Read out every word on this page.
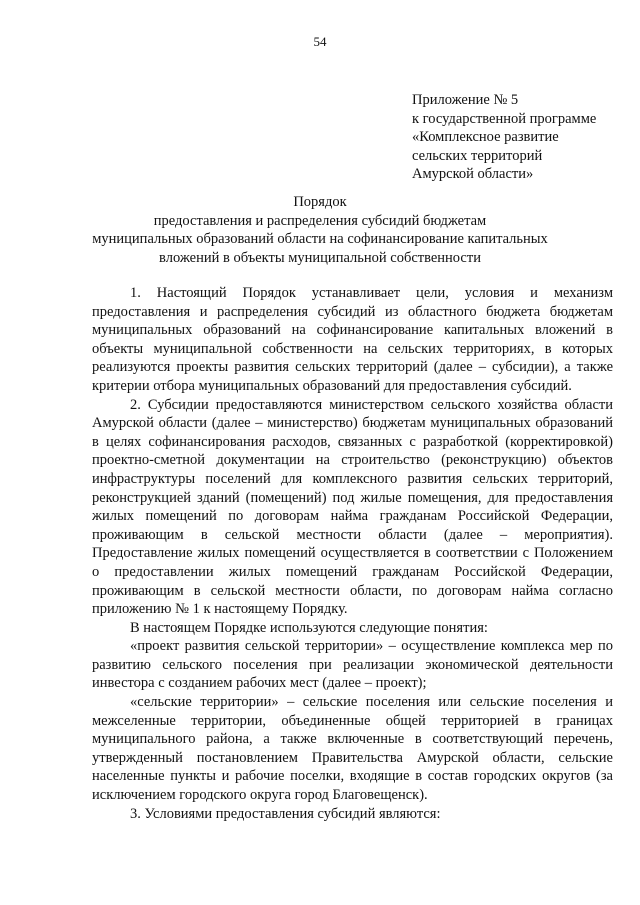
54
Приложение № 5
к государственной программе
«Комплексное развитие
сельских территорий
Амурской области»
Порядок
предоставления и распределения субсидий бюджетам
муниципальных образований области на софинансирование капитальных
вложений в объекты муниципальной собственности

1. Настоящий Порядок устанавливает цели, условия и механизм предоставления и распределения субсидий из областного бюджета бюджетам муниципальных образований на софинансирование капитальных вложений в объекты муниципальной собственности на сельских территориях, в которых реализуются проекты развития сельских территорий (далее – субсидии), а также критерии отбора муниципальных образований для предоставления субсидий.

2. Субсидии предоставляются министерством сельского хозяйства области Амурской области (далее – министерство) бюджетам муниципальных образований в целях софинансирования расходов, связанных с разработкой (корректировкой) проектно-сметной документации на строительство (реконструкцию) объектов инфраструктуры поселений для комплексного развития сельских территорий, реконструкцией зданий (помещений) под жилые помещения, для предоставления жилых помещений по договорам найма гражданам Российской Федерации, проживающим в сельской местности области (далее – мероприятия). Предоставление жилых помещений осуществляется в соответствии с Положением о предоставлении жилых помещений гражданам Российской Федерации, проживающим в сельской местности области, по договорам найма согласно приложению № 1 к настоящему Порядку.

В настоящем Порядке используются следующие понятия:

«проект развития сельской территории» – осуществление комплекса мер по развитию сельского поселения при реализации экономической деятельности инвестора с созданием рабочих мест (далее – проект);

«сельские территории» – сельские поселения или сельские поселения и межселенные территории, объединенные общей территорией в границах муниципального района, а также включенные в соответствующий перечень, утвержденный постановлением Правительства Амурской области, сельские населенные пункты и рабочие поселки, входящие в состав городских округов (за исключением городского округа город Благовещенск).

3. Условиями предоставления субсидий являются:
